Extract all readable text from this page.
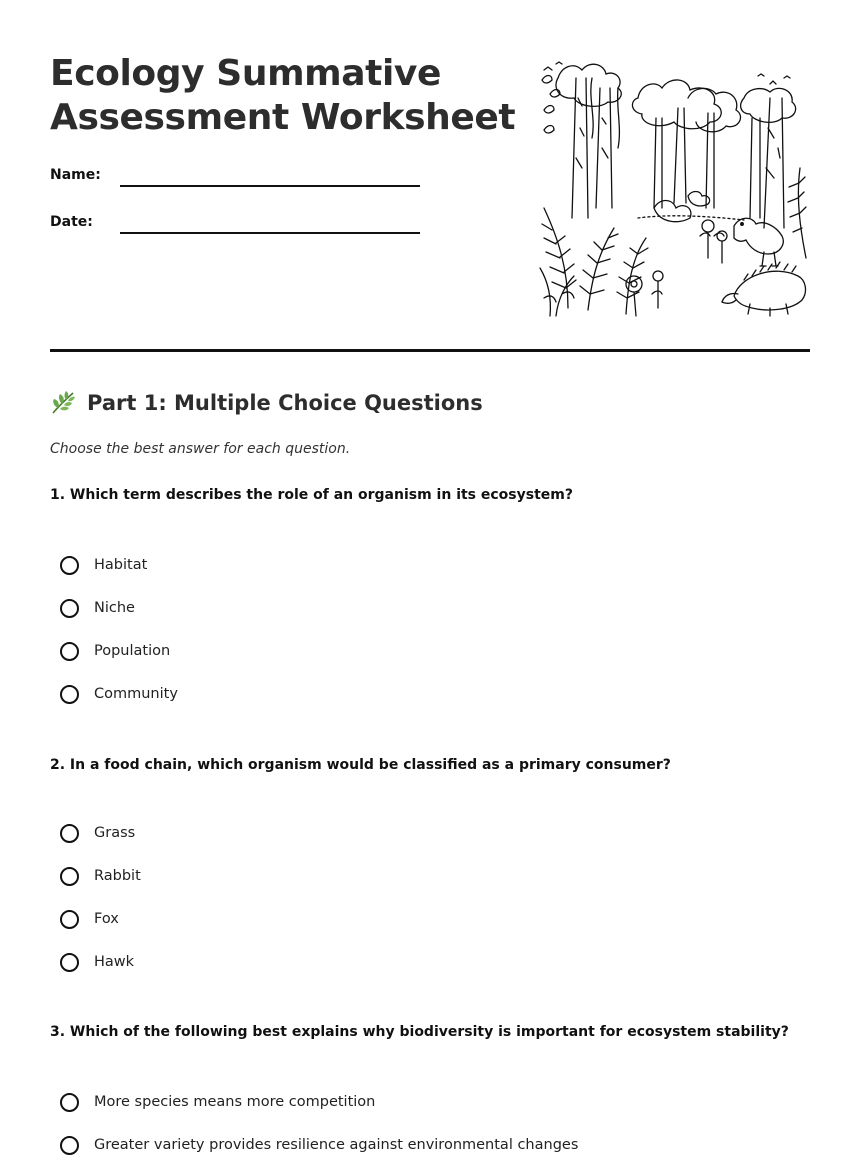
Ecology Summative Assessment Worksheet
Name:
Date:
Part 1: Multiple Choice Questions
Choose the best answer for each question.
1. Which term describes the role of an organism in its ecosystem?
Habitat
Niche
Population
Community
2. In a food chain, which organism would be classified as a primary consumer?
Grass
Rabbit
Fox
Hawk
3. Which of the following best explains why biodiversity is important for ecosystem stability?
More species means more competition
Greater variety provides resilience against environmental changes
